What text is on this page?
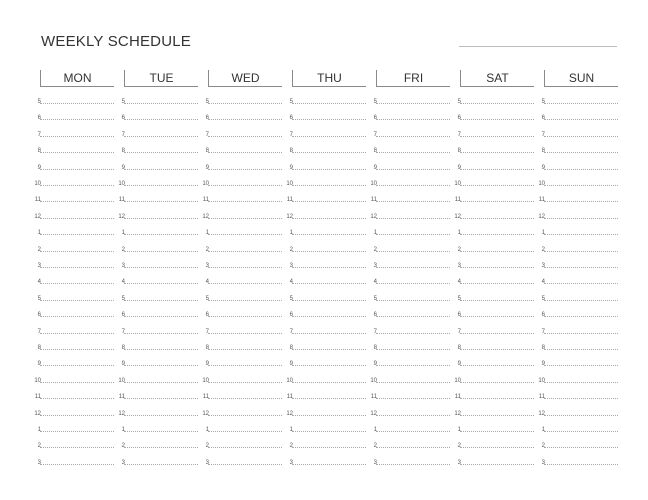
WEEKLY SCHEDULE
MON
5
6
7
8
9
10
11
12
1
2
3
4
5
6
7
8
9
10
11
12
1
2
3
TUE
5
6
7
8
9
10
11
12
1
2
3
4
5
6
7
8
9
10
11
12
1
2
3
WED
5
6
7
8
9
10
11
12
1
2
3
4
5
6
7
8
9
10
11
12
1
2
3
THU
5
6
7
8
9
10
11
12
1
2
3
4
5
6
7
8
9
10
11
12
1
2
3
FRI
5
6
7
8
9
10
11
12
1
2
3
4
5
6
7
8
9
10
11
12
1
2
3
SAT
5
6
7
8
9
10
11
12
1
2
3
4
5
6
7
8
9
10
11
12
1
2
3
SUN
5
6
7
8
9
10
11
12
1
2
3
4
5
6
7
8
9
10
11
12
1
2
3
